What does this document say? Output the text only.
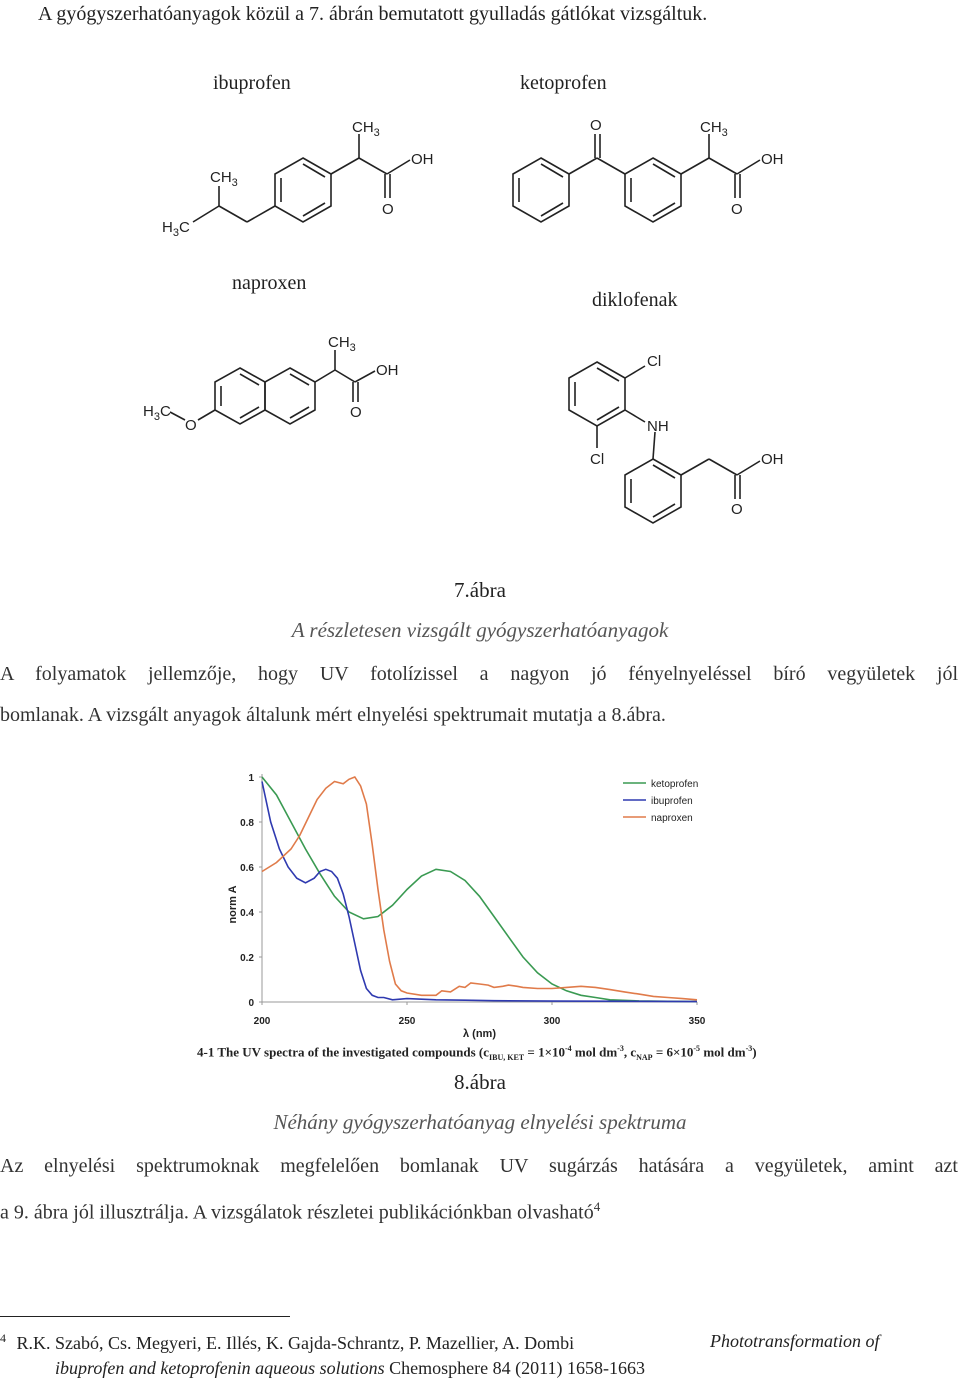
A gyógyszerhatóanyagok közül a 7. ábrán bemutatott gyulladás gátlókat vizsgáltuk.
ibuprofen	ketoprofen
naproxen
diklofenak
$CH_3$
OH
O
$CH_3$
$H_3C$
O	$CH_3$
OH
O
$CH_3$
OH
O
$H_3C$
O
Cl
NH
Cl	OH
O
7.ábra
A részletesen vizsgált gyógyszerhatóanyagok
A folyamatok jellemzője, hogy UV fotolízissel a nagyon jó fényelnyeléssel bíró vegyületek jól
bomlanak. A vizsgált anyagok általunk mért elnyelési spektrumait mutatja a 8.ábra.
0
0.2
0.4
0.6
0.8
1
200	250	300	350
ketoprofen
ibuprofen
naproxen
λ (nm)
norm A
4-1 The UV spectra of the investigated compounds ($c_{IBU, KET} = 1\times 10^{-4}$ mol $dm^{-3}$, $c_{NAP} = 6\times 10^{-5}$ mol $dm^{-3}$)
8.ábra
Néhány gyógyszerhatóanyag elnyelési spektruma
Az elnyelési spektrumoknak megfelelően bomlanak UV sugárzás hatására a vegyületek, amint azt
a 9. ábra jól illusztrálja. A vizsgálatok részletei publikációnkban olvasható$^4$
$^4$ R.K. Szabó, Cs. Megyeri, E. Illés, K. Gajda-Schrantz, P. Mazellier, A. Dombi	Phototransformation of
ibuprofen and ketoprofenin aqueous solutions Chemosphere 84 (2011) 1658-1663
